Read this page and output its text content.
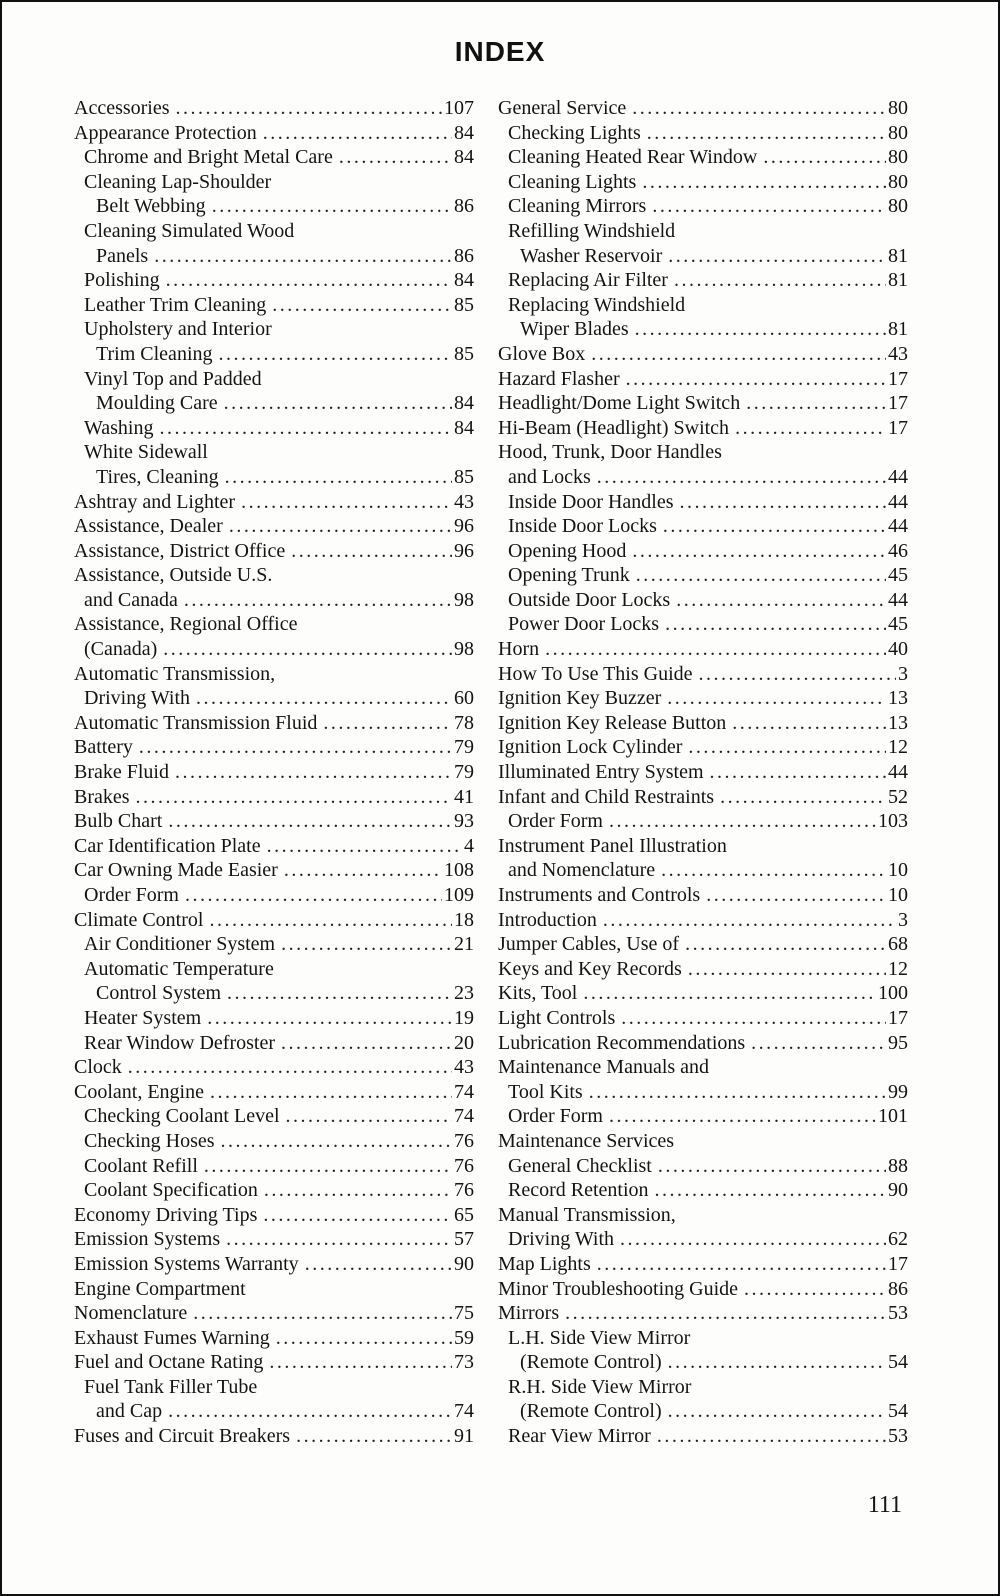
INDEX
Accessories .....	107
Appearance Protection .....	84
Chrome and Bright Metal Care .....	84
Cleaning Lap-Shoulder
Belt Webbing .....	86
Cleaning Simulated Wood
Panels .....	86
Polishing .....	84
Leather Trim Cleaning .....	85
Upholstery and Interior
Trim Cleaning .....	85
Vinyl Top and Padded
Moulding Care .....	84
Washing .....	84
White Sidewall
Tires, Cleaning .....	85
Ashtray and Lighter .....	43
Assistance, Dealer .....	96
Assistance, District Office .....	96
Assistance, Outside U.S.
and Canada .....	98
Assistance, Regional Office
(Canada) .....	98
Automatic Transmission,
Driving With .....	60
Automatic Transmission Fluid .....	78
Battery .....	79
Brake Fluid .....	79
Brakes .....	41
Bulb Chart .....	93
Car Identification Plate .....	4
Car Owning Made Easier .....	108
Order Form .....	109
Climate Control .....	18
Air Conditioner System .....	21
Automatic Temperature
Control System .....	23
Heater System .....	19
Rear Window Defroster .....	20
Clock .....	43
Coolant, Engine .....	74
Checking Coolant Level .....	74
Checking Hoses .....	76
Coolant Refill .....	76
Coolant Specification .....	76
Economy Driving Tips .....	65
Emission Systems .....	57
Emission Systems Warranty .....	90
Engine Compartment
Nomenclature .....	75
Exhaust Fumes Warning .....	59
Fuel and Octane Rating .....	73
Fuel Tank Filler Tube
and Cap .....	74
Fuses and Circuit Breakers .....	91
General Service .....	80
Checking Lights .....	80
Cleaning Heated Rear Window .....	80
Cleaning Lights .....	80
Cleaning Mirrors .....	80
Refilling Windshield
Washer Reservoir .....	81
Replacing Air Filter .....	81
Replacing Windshield
Wiper Blades .....	81
Glove Box .....	43
Hazard Flasher .....	17
Headlight/Dome Light Switch .....	17
Hi-Beam (Headlight) Switch .....	17
Hood, Trunk, Door Handles
and Locks .....	44
Inside Door Handles .....	44
Inside Door Locks .....	44
Opening Hood .....	46
Opening Trunk .....	45
Outside Door Locks .....	44
Power Door Locks .....	45
Horn .....	40
How To Use This Guide .....	3
Ignition Key Buzzer .....	13
Ignition Key Release Button .....	13
Ignition Lock Cylinder .....	12
Illuminated Entry System .....	44
Infant and Child Restraints .....	52
Order Form .....	103
Instrument Panel Illustration
and Nomenclature .....	10
Instruments and Controls .....	10
Introduction .....	3
Jumper Cables, Use of .....	68
Keys and Key Records .....	12
Kits, Tool .....	100
Light Controls .....	17
Lubrication Recommendations .....	95
Maintenance Manuals and
Tool Kits .....	99
Order Form .....	101
Maintenance Services
General Checklist .....	88
Record Retention .....	90
Manual Transmission,
Driving With .....	62
Map Lights .....	17
Minor Troubleshooting Guide .....	86
Mirrors .....	53
L.H. Side View Mirror
(Remote Control) .....	54
R.H. Side View Mirror
(Remote Control) .....	54
Rear View Mirror .....	53
111
